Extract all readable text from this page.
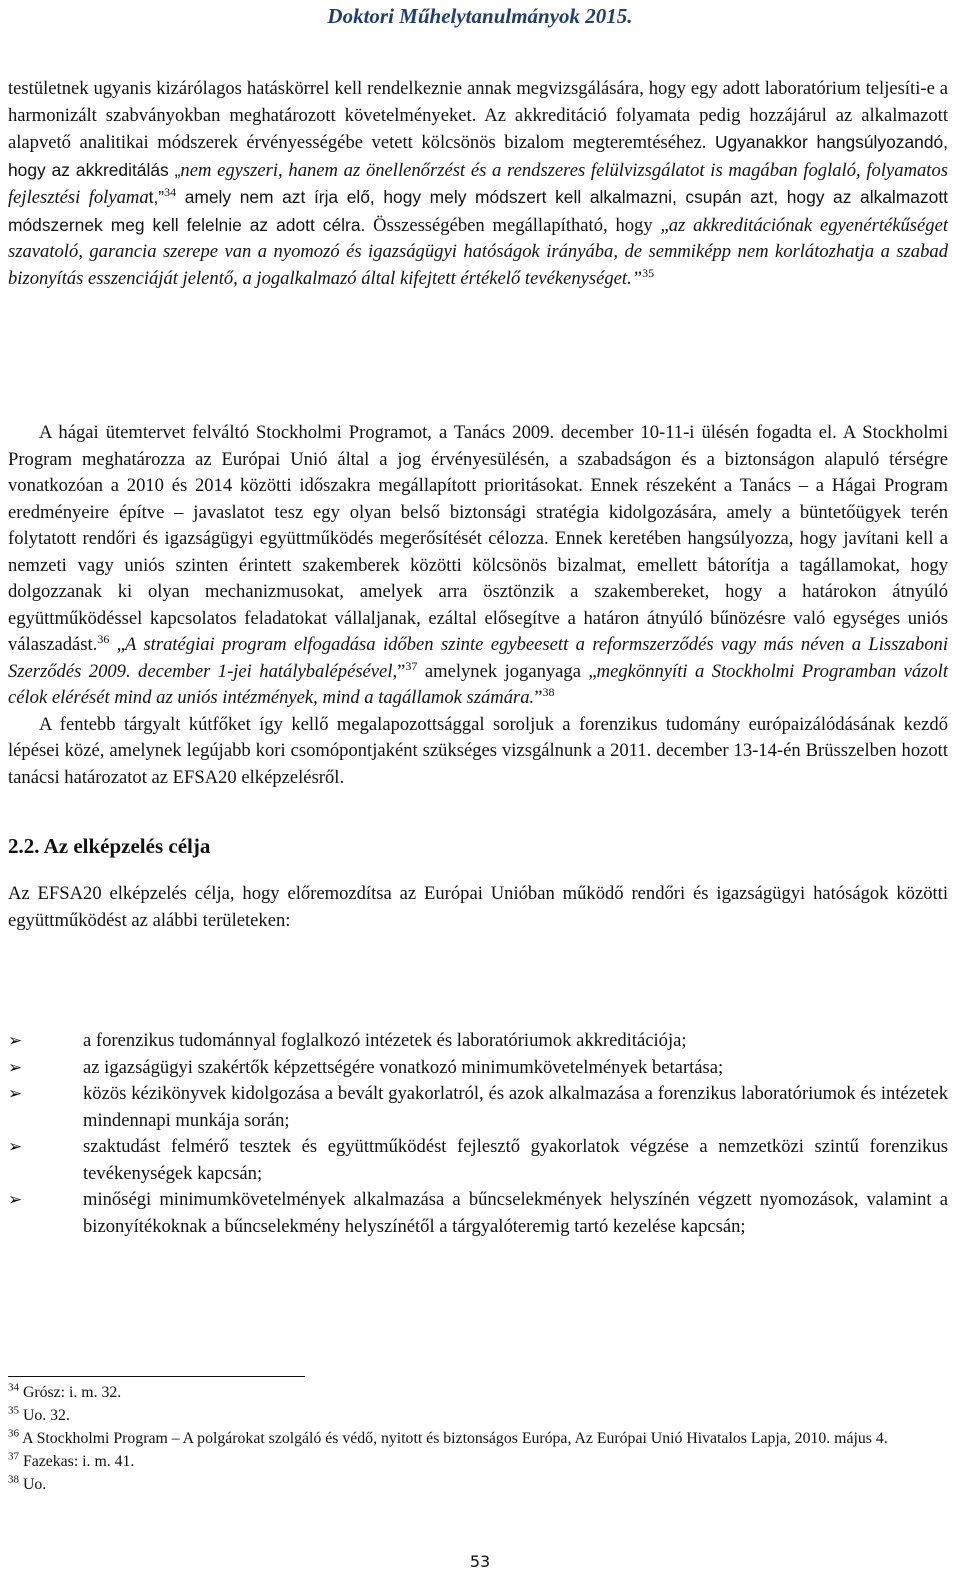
Doktori Műhelytanulmányok 2015.

testületnek ugyanis kizárólagos hatáskörrel kell rendelkeznie annak megvizsgálására, hogy egy adott laboratórium teljesíti-e a harmonizált szabványokban meghatározott követelményeket. Az akkreditáció folyamata pedig hozzájárul az alkalmazott alapvető analitikai módszerek érvényességébe vetett kölcsönös bizalom megteremtéséhez. Ugyanakkor hangsúlyozandó, hogy az akkreditálás „nem egyszeri, hanem az önellenőrzést és a rendszeres felülvizsgálatot is magában foglaló, folyamatos fejlesztési folyamat,”$^{34}$ amely nem azt írja elő, hogy mely módszert kell alkalmazni, csupán azt, hogy az alkalmazott módszernek meg kell felelnie az adott célra. Összességében megállapítható, hogy „az akkreditációnak egyenértékűséget szavatoló, garancia szerepe van a nyomozó és igazságügyi hatóságok irányába, de semmiképp nem korlátozhatja a szabad bizonyítás esszenciáját jelentő, a jogalkalmazó által kifejtett értékelő tevékenységet.”$^{35}$

A hágai ütemtervet felváltó Stockholmi Programot, a Tanács 2009. december 10-11-i ülésén fogadta el. A Stockholmi Program meghatározza az Európai Unió által a jog érvényesülésén, a szabadságon és a biztonságon alapuló térségre vonatkozóan a 2010 és 2014 közötti időszakra megállapított prioritásokat. Ennek részeként a Tanács – a Hágai Program eredményeire építve – javaslatot tesz egy olyan belső biztonsági stratégia kidolgozására, amely a büntetőügyek terén folytatott rendőri és igazságügyi együttműködés megerősítését célozza. Ennek keretében hangsúlyozza, hogy javítani kell a nemzeti vagy uniós szinten érintett szakemberek közötti kölcsönös bizalmat, emellett bátorítja a tagállamokat, hogy dolgozzanak ki olyan mechanizmusokat, amelyek arra ösztönzik a szakembereket, hogy a határokon átnyúló együttműködéssel kapcsolatos feladatokat vállaljanak, ezáltal elősegítve a határon átnyúló bűnözésre való egységes uniós válaszadást.$^{36}$ „A stratégiai program elfogadása időben szinte egybeesett a reformszerződés vagy más néven a Lisszaboni Szerződés 2009. december 1-jei hatálybalépésével,”$^{37}$ amelynek joganyaga „megkönnyíti a Stockholmi Programban vázolt célok elérését mind az uniós intézmények, mind a tagállamok számára.”$^{38}$

A fentebb tárgyalt kútfőket így kellő megalapozottsággal soroljuk a forenzikus tudomány európaizálódásának kezdő lépései közé, amelynek legújabb kori csomópontjaként szükséges vizsgálnunk a 2011. december 13-14-én Brüsszelben hozott tanácsi határozatot az EFSA20 elképzelésről.

2.2. Az elképzelés célja

Az EFSA20 elképzelés célja, hogy előremozdítsa az Európai Unióban működő rendőri és igazságügyi hatóságok közötti együttműködést az alábbi területeken:

➢	a forenzikus tudománnyal foglalkozó intézetek és laboratóriumok akkreditációja;
➢	az igazságügyi szakértők képzettségére vonatkozó minimumkövetelmények betartása;
➢	közös kézikönyvek kidolgozása a bevált gyakorlatról, és azok alkalmazása a forenzikus laboratóriumok és intézetek mindennapi munkája során;
➢	szaktudást felmérő tesztek és együttműködést fejlesztő gyakorlatok végzése a nemzetközi szintű forenzikus tevékenységek kapcsán;
➢	minőségi minimumkövetelmények alkalmazása a bűncselekmények helyszínén végzett nyomozások, valamint a bizonyítékoknak a bűncselekmény helyszínétől a tárgyalóteremig tartó kezelése kapcsán;

$^{34}$ Grósz: i. m. 32.

$^{35}$ Uo. 32.

$^{36}$ A Stockholmi Program – A polgárokat szolgáló és védő, nyitott és biztonságos Európa, Az Európai Unió Hivatalos Lapja, 2010. május 4.

$^{37}$ Fazekas: i. m. 41.

$^{38}$ Uo.

53
